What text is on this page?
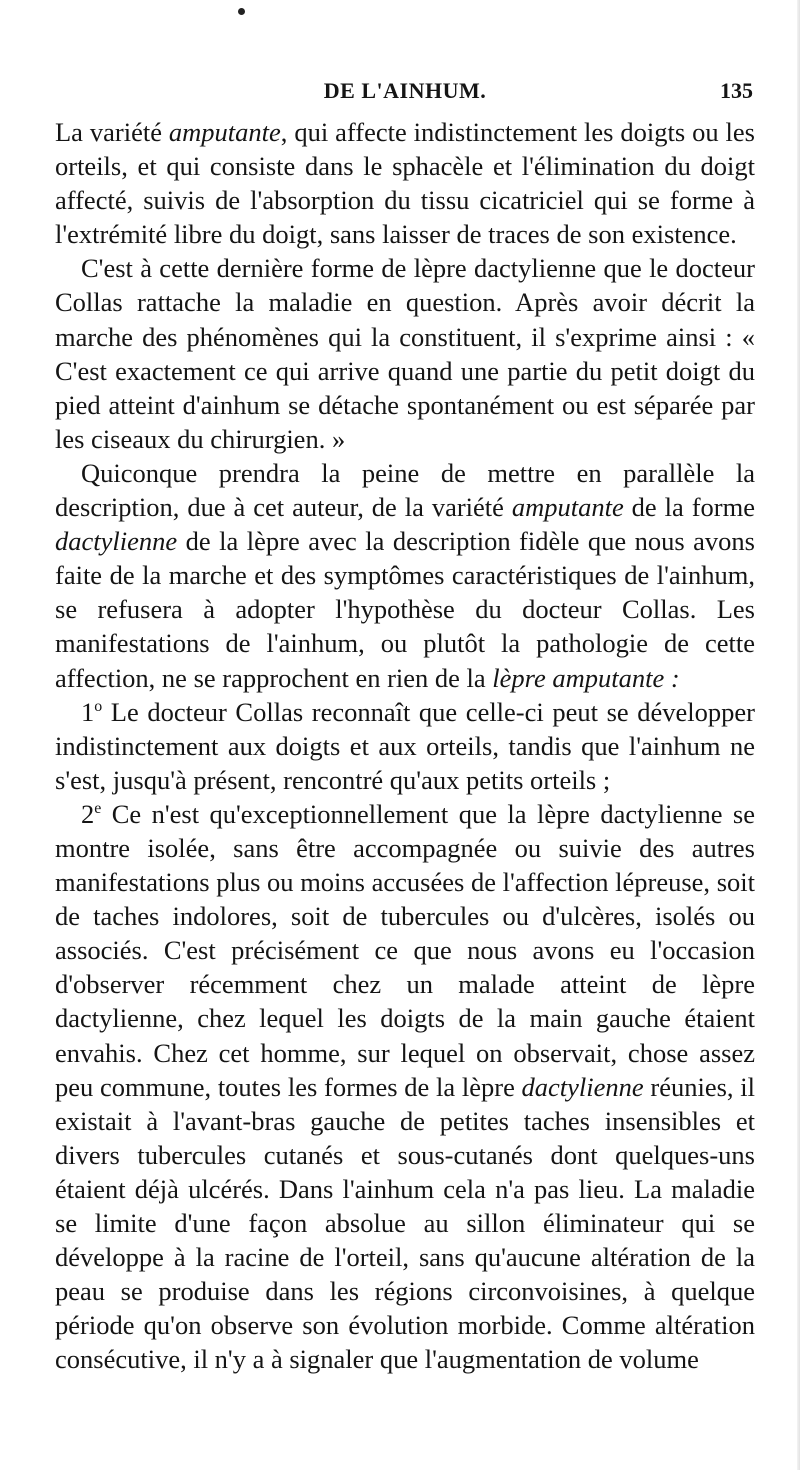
DE L'AINHUM.	135

La variété amputante, qui affecte indistinctement les doigts ou les orteils, et qui consiste dans le sphacèle et l'élimination du doigt affecté, suivis de l'absorption du tissu cicatriciel qui se forme à l'extrémité libre du doigt, sans laisser de traces de son existence.

C'est à cette dernière forme de lèpre dactylienne que le docteur Collas rattache la maladie en question. Après avoir décrit la marche des phénomènes qui la constituent, il s'exprime ainsi : « C'est exactement ce qui arrive quand une partie du petit doigt du pied atteint d'ainhum se détache spontanément ou est séparée par les ciseaux du chirurgien. »

Quiconque prendra la peine de mettre en parallèle la description, due à cet auteur, de la variété amputante de la forme dactylienne de la lèpre avec la description fidèle que nous avons faite de la marche et des symptômes caractéristiques de l'ainhum, se refusera à adopter l'hypothèse du docteur Collas. Les manifestations de l'ainhum, ou plutôt la pathologie de cette affection, ne se rapprochent en rien de la lèpre amputante :

1$^o$ Le docteur Collas reconnaît que celle-ci peut se développer indistinctement aux doigts et aux orteils, tandis que l'ainhum ne s'est, jusqu'à présent, rencontré qu'aux petits orteils ;

2e Ce n'est qu'exceptionnellement que la lèpre dactylienne se montre isolée, sans être accompagnée ou suivie des autres manifestations plus ou moins accusées de l'affection lépreuse, soit de taches indolores, soit de tubercules ou d'ulcères, isolés ou associés. C'est précisément ce que nous avons eu l'occasion d'observer récemment chez un malade atteint de lèpre dactylienne, chez lequel les doigts de la main gauche étaient envahis. Chez cet homme, sur lequel on observait, chose assez peu commune, toutes les formes de la lèpre dactylienne réunies, il existait à l'avant-bras gauche de petites taches insensibles et divers tubercules cutanés et sous-cutanés dont quelques-uns étaient déjà ulcérés. Dans l'ainhum cela n'a pas lieu. La maladie se limite d'une façon absolue au sillon éliminateur qui se développe à la racine de l'orteil, sans qu'aucune altération de la peau se produise dans les régions circonvoisines, à quelque période qu'on observe son évolution morbide. Comme altération consécutive, il n'y a à signaler que l'augmentation de volume
